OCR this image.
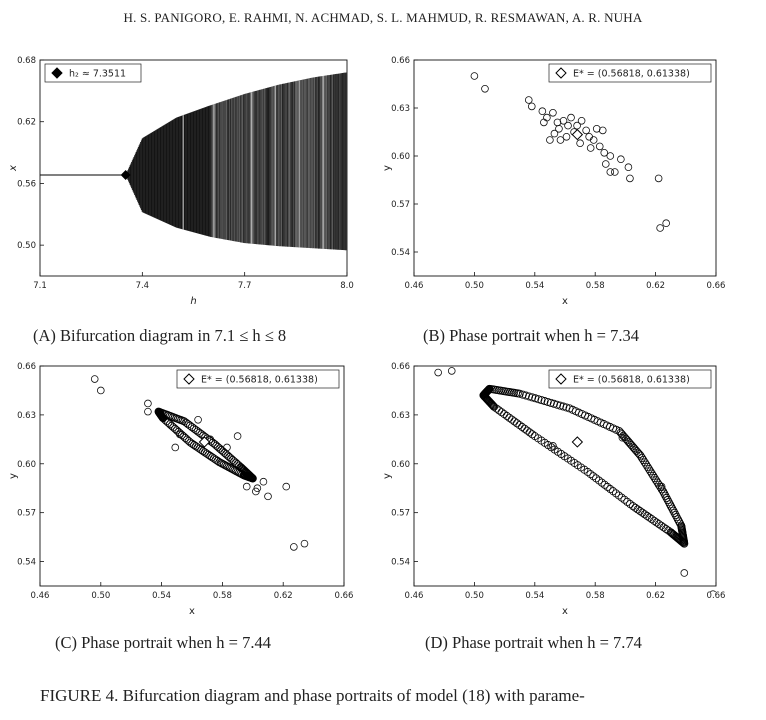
H. S. PANIGORO, E. RAHMI, N. ACHMAD, S. L. MAHMUD, R. RESMAWAN, A. R. NUHA
7.1	7.4	7.7	8.0
0.50
0.56
0.62
0.68
h
x
h₂ ≈ 7.3511
0.46	0.50	0.54	0.58	0.62	0.66
0.54
0.57
0.60
0.63
0.66
x
y
E* = (0.56818, 0.61338)
0.46	0.50	0.54	0.58	0.62	0.66
0.54
0.57
0.60
0.63
0.66
x
y
E* = (0.56818, 0.61338)
0.46	0.50	0.54	0.58	0.62	0.66
0.54
0.57
0.60
0.63
0.66
x
y
E* = (0.56818, 0.61338)
(A) Bifurcation diagram in 7.1 ≤ h ≤ 8	(B) Phase portrait when h = 7.34
(C) Phase portrait when h = 7.44	(D) Phase portrait when h = 7.74
FIGURE 4. Bifurcation diagram and phase portraits of model (18) with parame-
